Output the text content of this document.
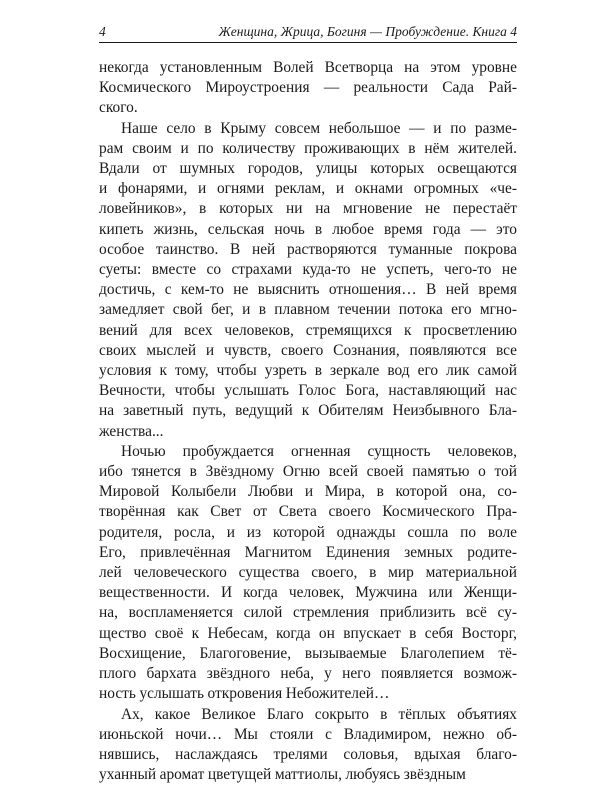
4	Женщина, Жрица, Богиня — Пробуждение. Книга 4

некогда установленным Волей Всетворца на этом уровне
Космического Мироустроения — реальности Сада Рай-
ского.

Наше село в Крыму совсем небольшое — и по разме-
рам своим и по количеству проживающих в нём жителей.
Вдали от шумных городов, улицы которых освещаются
и фонарями, и огнями реклам, и окнами огромных «че-
ловейников», в которых ни на мгновение не перестаёт
кипеть жизнь, сельская ночь в любое время года — это
особое таинство. В ней растворяются туманные покрова
суеты: вместе со страхами куда-то не успеть, чего-то не
достичь, с кем-то не выяснить отношения… В ней время
замедляет свой бег, и в плавном течении потока его мгно-
вений для всех человеков, стремящихся к просветлению
своих мыслей и чувств, своего Сознания, появляются все
условия к тому, чтобы узреть в зеркале вод его лик самой
Вечности, чтобы услышать Голос Бога, наставляющий нас
на заветный путь, ведущий к Обителям Неизбывного Бла-
женства...

Ночью пробуждается огненная сущность человеков,
ибо тянется в Звёздному Огню всей своей памятью о той
Мировой Колыбели Любви и Мира, в которой она, со-
творённая как Свет от Света своего Космического Пра-
родителя, росла, и из которой однажды сошла по воле
Его, привлечённая Магнитом Единения земных родите-
лей человеческого существа своего, в мир материальной
вещественности. И когда человек, Мужчина или Женщи-
на, воспламеняется силой стремления приблизить всё су-
щество своё к Небесам, когда он впускает в себя Восторг,
Восхищение, Благоговение, вызываемые Благолепием тё-
плого бархата звёздного неба, у него появляется возмож-
ность услышать откровения Небожителей…

Ах, какое Великое Благо сокрыто в тёплых объятиях
июньской ночи… Мы стояли с Владимиром, нежно об-
нявшись, наслаждаясь трелями соловья, вдыхая благо-
уханный аромат цветущей маттиолы, любуясь звёздным
